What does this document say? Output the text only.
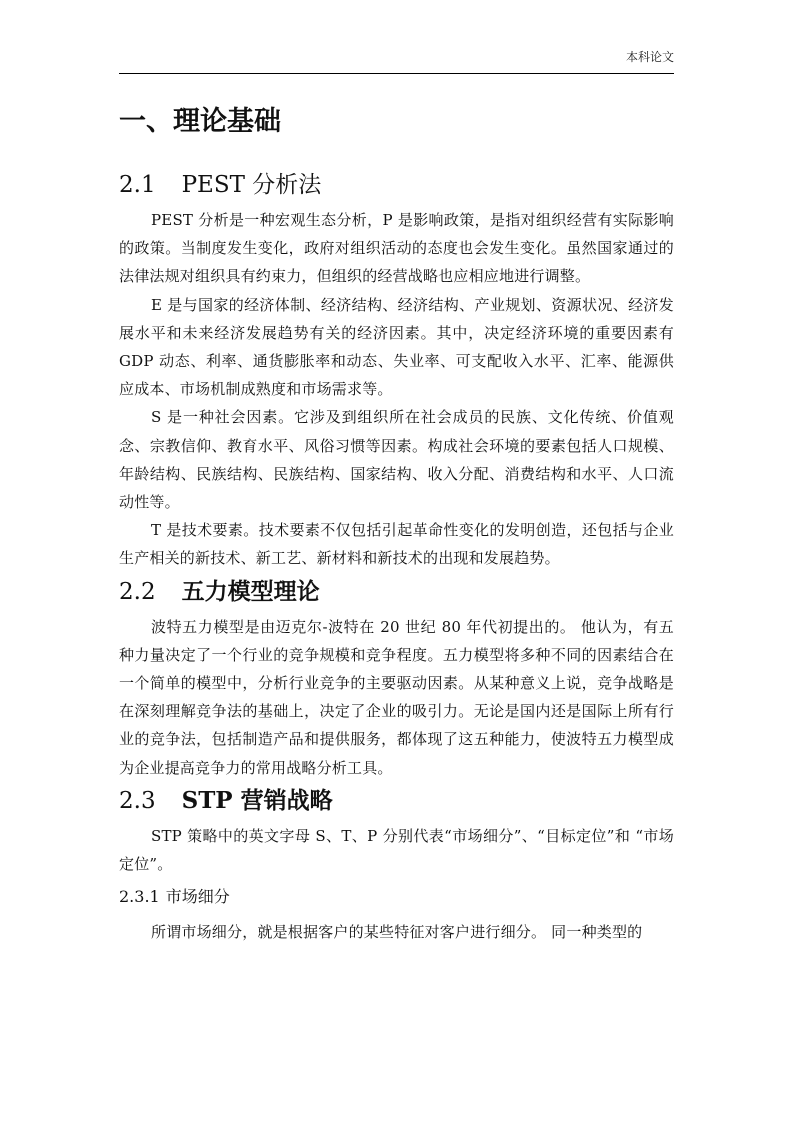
本科论文
一、理论基础
2.1 PEST 分析法

PEST 分析是一种宏观生态分析，P 是影响政策，是指对组织经营有实际影响的政策。当制度发生变化，政府对组织活动的态度也会发生变化。虽然国家通过的法律法规对组织具有约束力，但组织的经营战略也应相应地进行调整。

E 是与国家的经济体制、经济结构、经济结构、产业规划、资源状况、经济发展水平和未来经济发展趋势有关的经济因素。其中，决定经济环境的重要因素有 GDP 动态、利率、通货膨胀率和动态、失业率、可支配收入水平、汇率、能源供应成本、市场机制成熟度和市场需求等。

S 是一种社会因素。它涉及到组织所在社会成员的民族、文化传统、价值观念、宗教信仰、教育水平、风俗习惯等因素。构成社会环境的要素包括人口规模、年龄结构、民族结构、民族结构、国家结构、收入分配、消费结构和水平、人口流动性等。

T 是技术要素。技术要素不仅包括引起革命性变化的发明创造，还包括与企业生产相关的新技术、新工艺、新材料和新技术的出现和发展趋势。

2.2 五力模型理论

波特五力模型是由迈克尔-波特在 20 世纪 80 年代初提出的。 他认为，有五种力量决定了一个行业的竞争规模和竞争程度。五力模型将多种不同的因素结合在一个简单的模型中，分析行业竞争的主要驱动因素。从某种意义上说，竞争战略是在深刻理解竞争法的基础上，决定了企业的吸引力。无论是国内还是国际上所有行业的竞争法，包括制造产品和提供服务，都体现了这五种能力，使波特五力模型成为企业提高竞争力的常用战略分析工具。

2.3 STP 营销战略

STP 策略中的英文字母 S、T、P 分别代表“市场细分”、“目标定位”和 “市场定位”。

2.3.1 市场细分

所谓市场细分，就是根据客户的某些特征对客户进行细分。 同一种类型的
